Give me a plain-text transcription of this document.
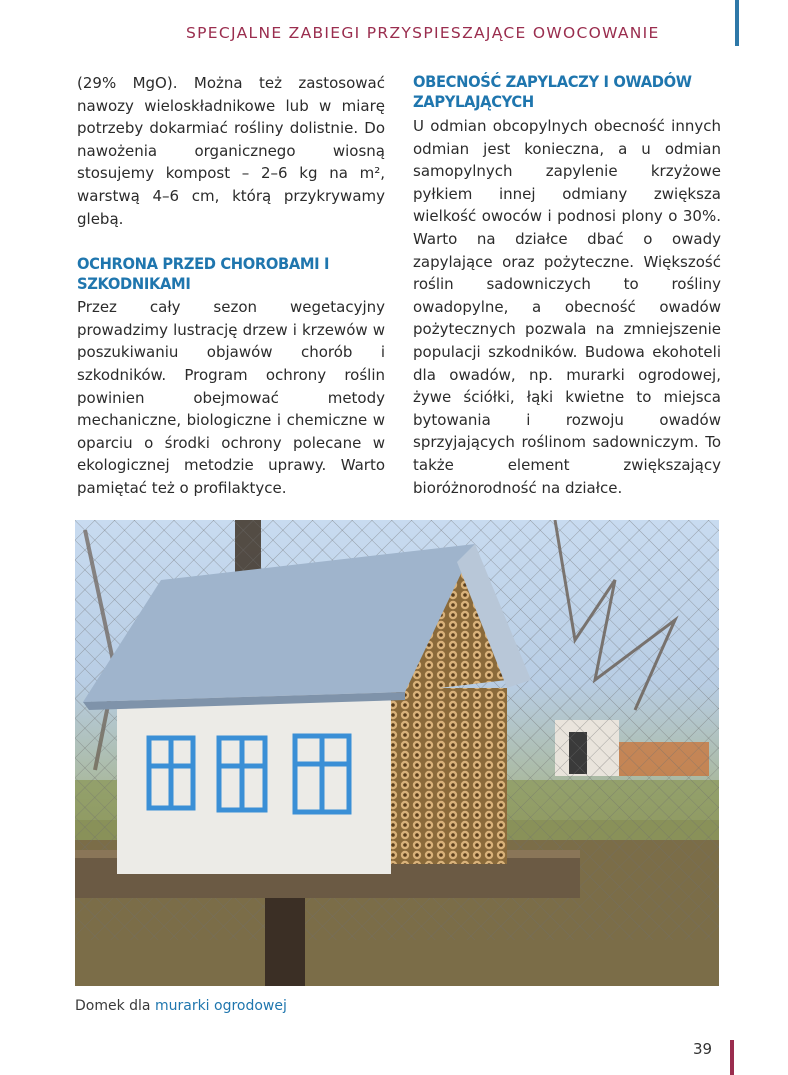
SPECJALNE ZABIEGI PRZYSPIESZAJĄCE OWOCOWANIE

(29% MgO). Można też zastosować nawozy wieloskładnikowe lub w miarę potrzeby dokarmiać rośliny dolistnie. Do nawożenia organicznego wiosną stosujemy kompost – 2–6 kg na m², warstwą 4–6 cm, którą przykrywamy glebą.

OCHRONA PRZED CHOROBAMI I SZKODNIKAMI

Przez cały sezon wegetacyjny prowadzimy lustrację drzew i krzewów w poszukiwaniu objawów chorób i szkodników. Program ochrony roślin powinien obejmować metody mechaniczne, biologiczne i chemiczne w oparciu o środki ochrony polecane w ekologicznej metodzie uprawy. Warto pamiętać też o profilaktyce.

OBECNOŚĆ ZAPYLACZY I OWADÓW ZAPYLAJĄCYCH

U odmian obcopylnych obecność innych odmian jest konieczna, a u odmian samopylnych zapylenie krzyżowe pyłkiem innej odmiany zwiększa wielkość owoców i podnosi plony o 30%. Warto na działce dbać o owady zapylające oraz pożyteczne. Większość roślin sadowniczych to rośliny owadopylne, a obecność owadów pożytecznych pozwala na zmniejszenie populacji szkodników. Budowa ekohoteli dla owadów, np. murarki ogrodowej, żywe ściółki, łąki kwietne to miejsca bytowania i rozwoju owadów sprzyjających roślinom sadowniczym. To także element zwiększający bioróżnorodność na działce.

Domek dla murarki ogrodowej
39
